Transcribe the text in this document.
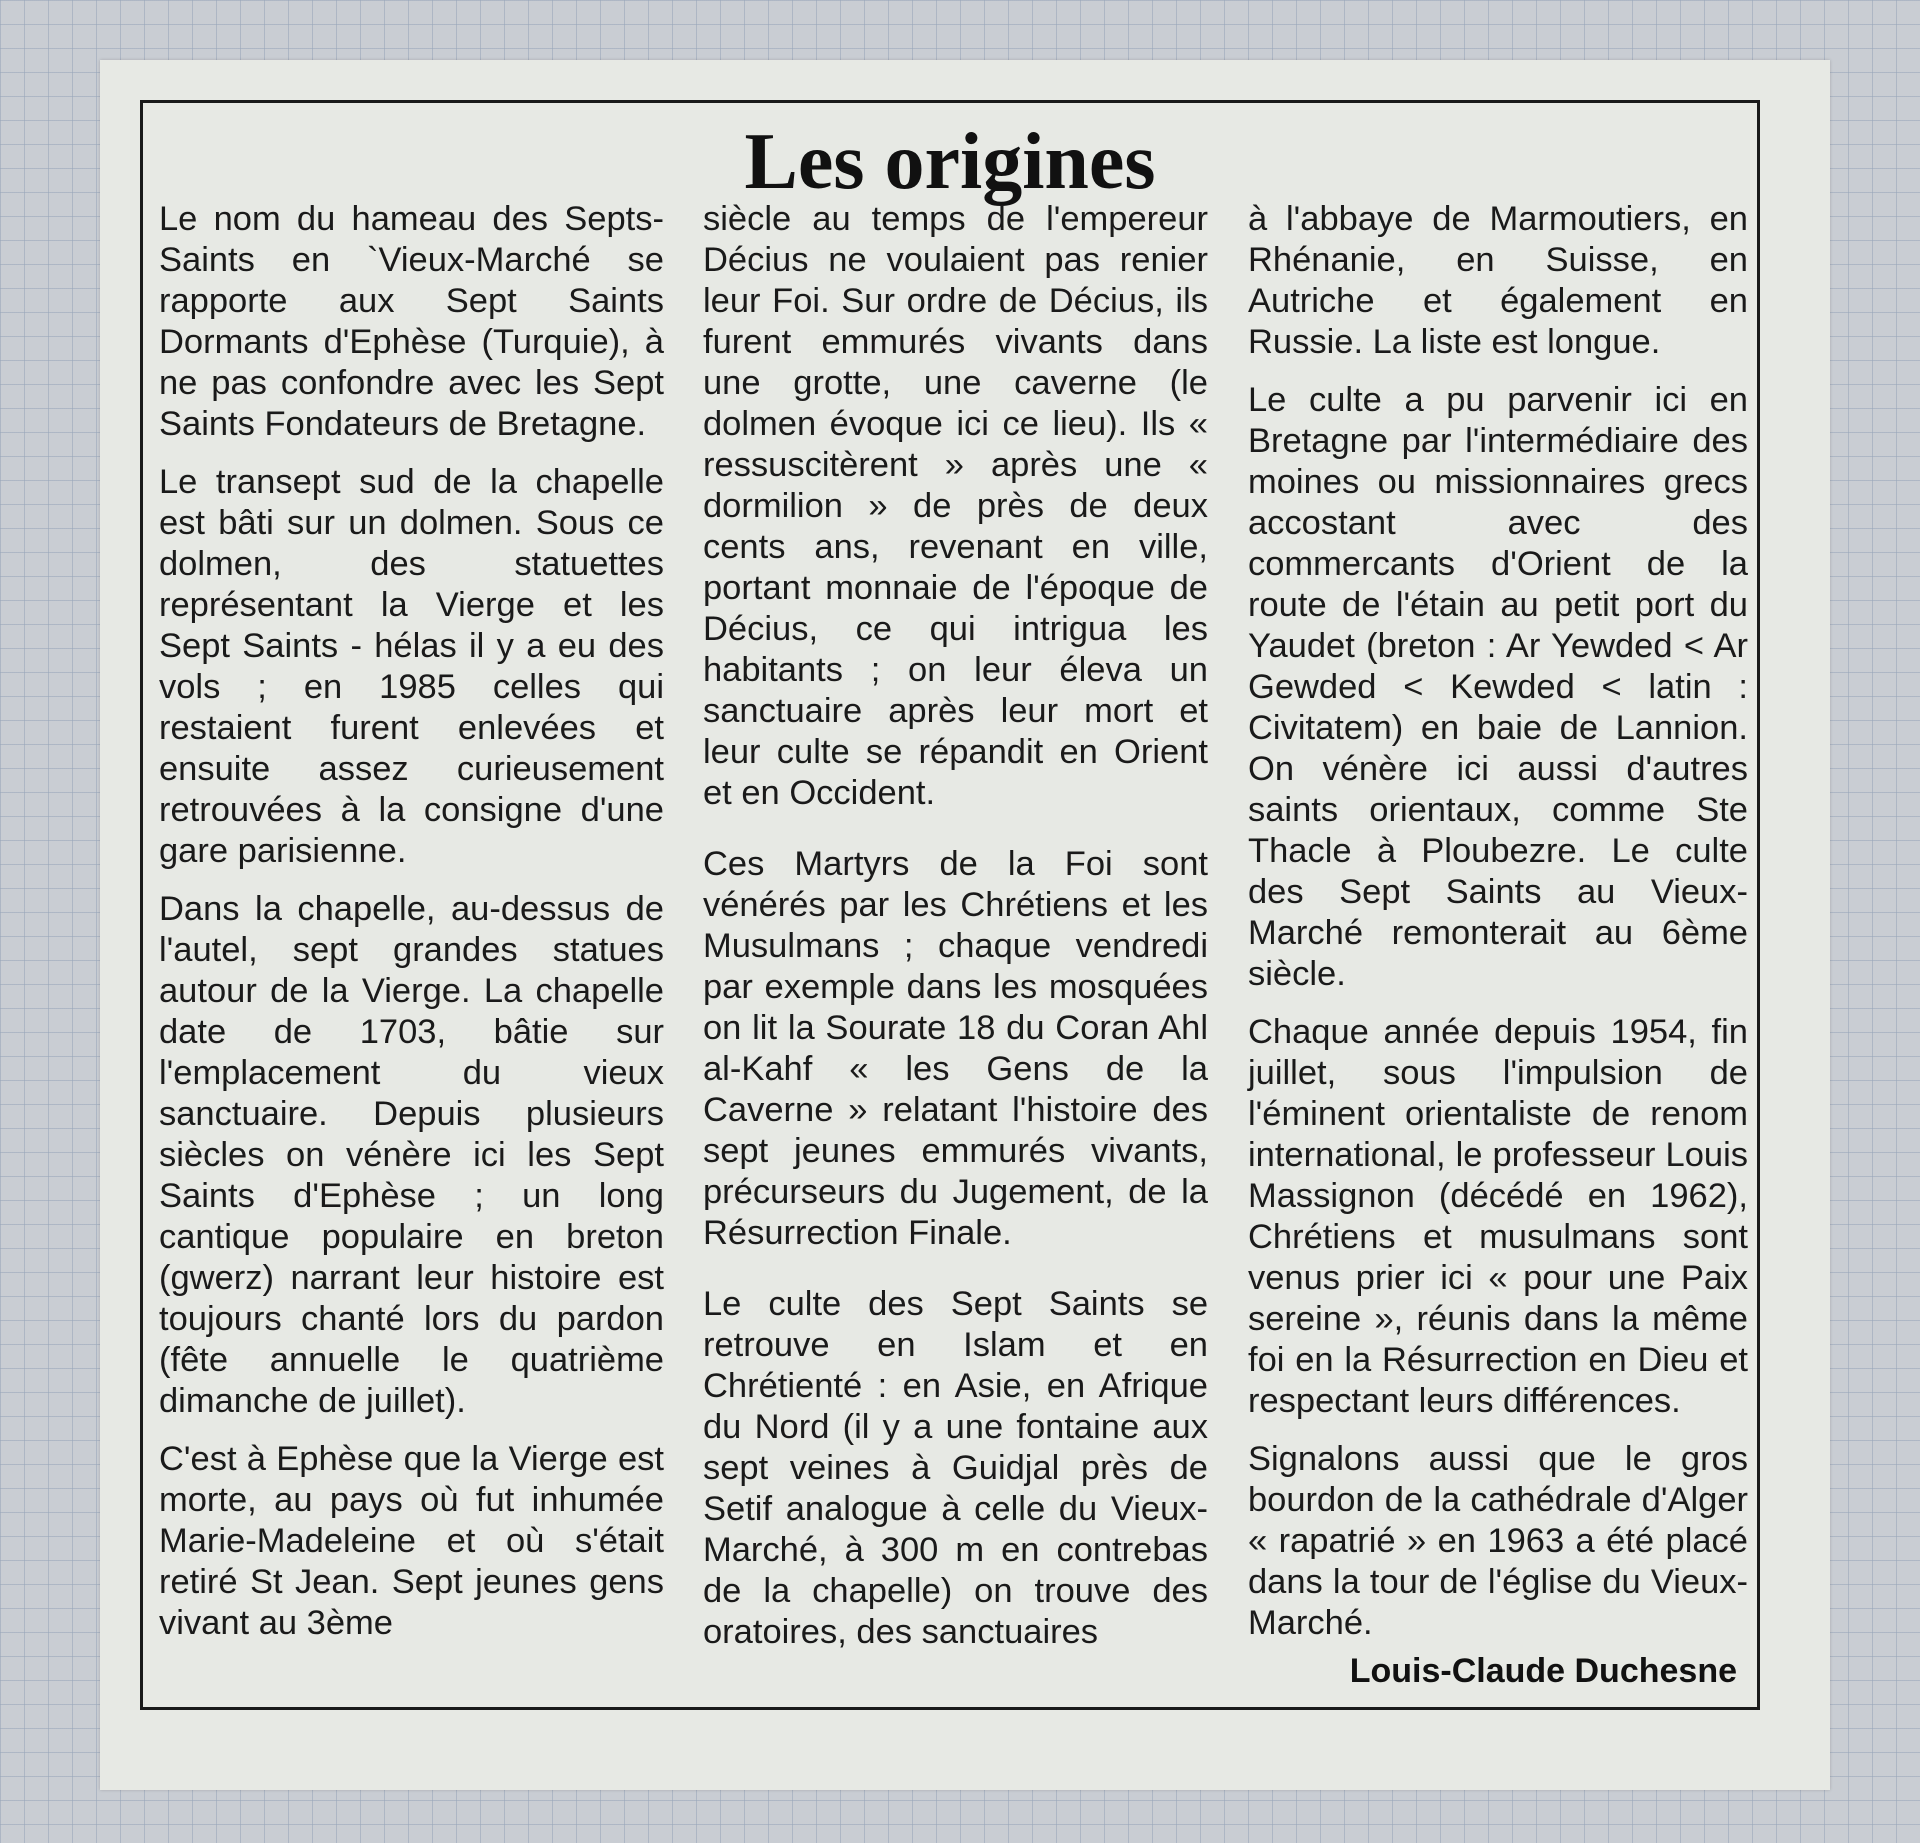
Les origines

Le nom du hameau des Septs-Saints en `Vieux-Marché se rapporte aux Sept Saints Dormants d'Ephèse (Turquie), à ne pas confondre avec les Sept Saints Fondateurs de Bretagne.

Le transept sud de la chapelle est bâti sur un dolmen. Sous ce dolmen, des statuettes représentant la Vierge et les Sept Saints - hélas il y a eu des vols ; en 1985 celles qui restaient furent enlevées et ensuite assez curieusement retrouvées à la consigne d'une gare parisienne.

Dans la chapelle, au-dessus de l'autel, sept grandes statues autour de la Vierge. La chapelle date de 1703, bâtie sur l'emplacement du vieux sanctuaire. Depuis plusieurs siècles on vénère ici les Sept Saints d'Ephèse ; un long cantique populaire en breton (gwerz) narrant leur histoire est toujours chanté lors du pardon (fête annuelle le quatrième dimanche de juillet).

C'est à Ephèse que la Vierge est morte, au pays où fut inhumée Marie-Madeleine et où s'était retiré St Jean. Sept jeunes gens vivant au 3ème

siècle au temps de l'empereur Décius ne voulaient pas renier leur Foi. Sur ordre de Décius, ils furent emmurés vivants dans une grotte, une caverne (le dolmen évoque ici ce lieu). Ils « ressuscitèrent » après une « dormilion » de près de deux cents ans, revenant en ville, portant monnaie de l'époque de Décius, ce qui intrigua les habitants ; on leur éleva un sanctuaire après leur mort et leur culte se répandit en Orient et en Occident.

Ces Martyrs de la Foi sont vénérés par les Chrétiens et les Musulmans ; chaque vendredi par exemple dans les mosquées on lit la Sourate 18 du Coran Ahl al-Kahf « les Gens de la Caverne » relatant l'histoire des sept jeunes emmurés vivants, précurseurs du Jugement, de la Résurrection Finale.

Le culte des Sept Saints se retrouve en Islam et en Chrétienté : en Asie, en Afrique du Nord (il y a une fontaine aux sept veines à Guidjal près de Setif analogue à celle du Vieux-Marché, à 300 m en contrebas de la chapelle) on trouve des oratoires, des sanctuaires

à l'abbaye de Marmoutiers, en Rhénanie, en Suisse, en Autriche et également en Russie. La liste est longue.

Le culte a pu parvenir ici en Bretagne par l'intermédiaire des moines ou missionnaires grecs accostant avec des commercants d'Orient de la route de l'étain au petit port du Yaudet (breton : Ar Yewded < Ar Gewded < Kewded < latin : Civitatem) en baie de Lannion. On vénère ici aussi d'autres saints orientaux, comme Ste Thacle à Ploubezre. Le culte des Sept Saints au Vieux-Marché remonterait au 6ème siècle.

Chaque année depuis 1954, fin juillet, sous l'impulsion de l'éminent orientaliste de renom international, le professeur Louis Massignon (décédé en 1962), Chrétiens et musulmans sont venus prier ici « pour une Paix sereine », réunis dans la même foi en la Résurrection en Dieu et respectant leurs différences.

Signalons aussi que le gros bourdon de la cathédrale d'Alger « rapatrié » en 1963 a été placé dans la tour de l'église du Vieux-Marché.

Louis-Claude Duchesne
